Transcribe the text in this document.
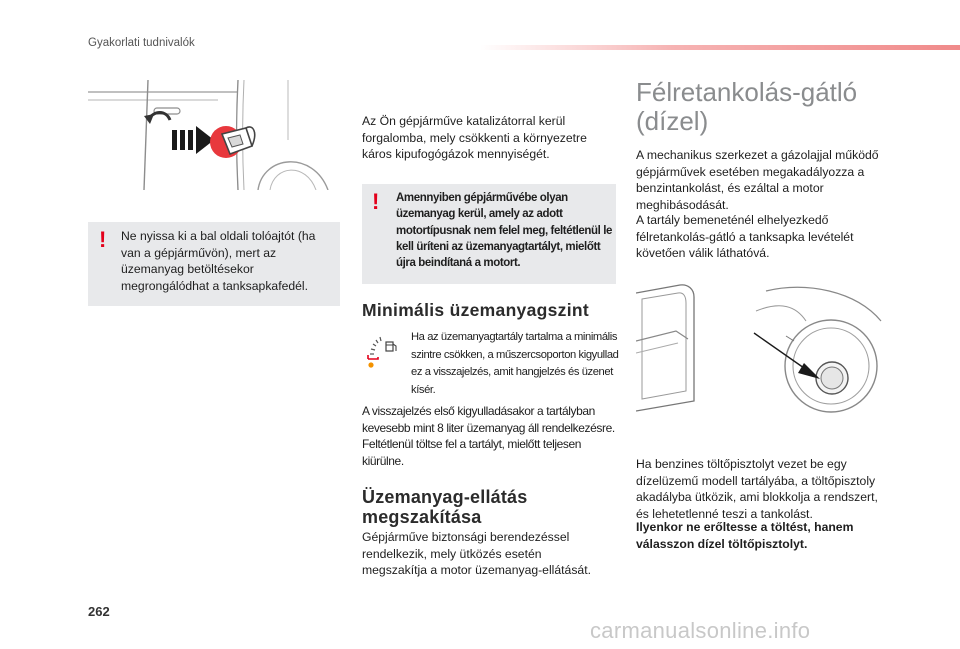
Gyakorlati tudnivalók
! Ne nyissa ki a bal oldali tolóajtót (ha van a gépjárművön), mert az üzemanyag betöltésekor megrongálódhat a tanksapkafedél.

Az Ön gépjárműve katalizátorral kerül forgalomba, mely csökkenti a környezetre káros kipufogógázok mennyiségét.

! Amennyiben gépjárművébe olyan üzemanyag kerül, amely az adott motortípusnak nem felel meg, feltétlenül le kell üríteni az üzemanyagtartályt, mielőtt újra beindítaná a motort.

Minimális üzemanyagszint

Ha az üzemanyagtartály tartalma a minimális szintre csökken, a műszercsoporton kigyullad ez a visszajelzés, amit hangjelzés és üzenet kísér.

A visszajelzés első kigyulladásakor a tartályban kevesebb mint 8 liter üzemanyag áll rendelkezésre. Feltétlenül töltse fel a tartályt, mielőtt teljesen kiürülne.

Üzemanyag-ellátás
megszakítása

Gépjárműve biztonsági berendezéssel rendelkezik, mely ütközés esetén megszakítja a motor üzemanyag-ellátását.

Félretankolás-gátló
(dízel)

A mechanikus szerkezet a gázolajjal működő gépjárművek esetében megakadályozza a benzintankolást, és ezáltal a motor meghibásodását.

A tartály bemeneténél elhelyezkedő félretankolás-gátló a tanksapka levételét követően válik láthatóvá.

Ha benzines töltőpisztolyt vezet be egy dízelüzemű modell tartályába, a töltőpisztoly akadályba ütközik, ami blokkolja a rendszert, és lehetetlenné teszi a tankolást.

Ilyenkor ne erőltesse a töltést, hanem válasszon dízel töltőpisztolyt.

262
carmanualsonline.info
